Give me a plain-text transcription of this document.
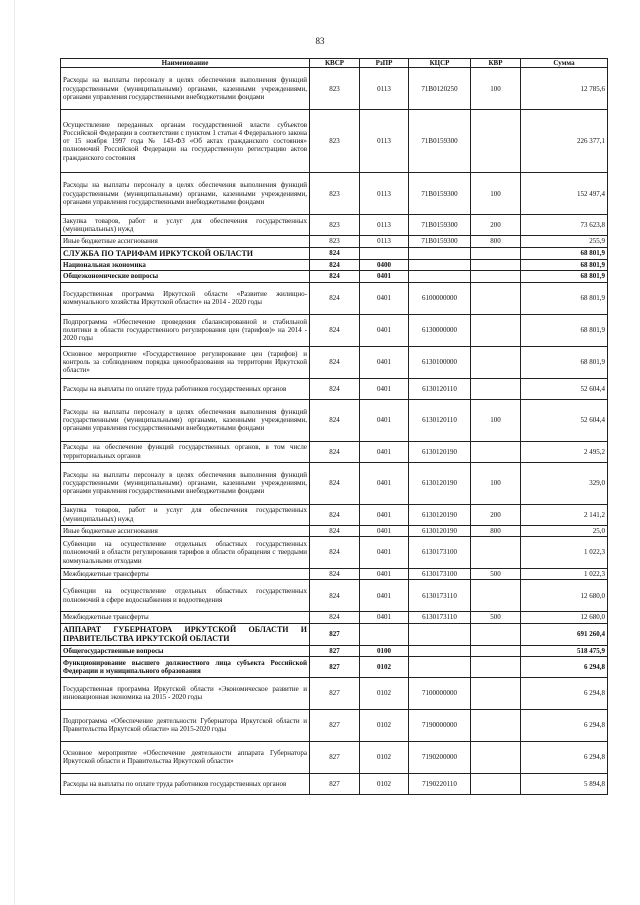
83
Наименование	КВСР	РзПР	КЦСР	КВР	Сумма
Расходы на выплаты персоналу в целях обеспечения выполнения функций государственными (муниципальными) органами, казенными учреждениями, органами управления государственными внебюджетными фондами	823	0113	71В0120250	100	12 785,6
Осуществление переданных органам государственной власти субъектов Российской Федерации в соответствии с пунктом 1 статьи 4 Федерального закона от 15 ноября 1997 года № 143-ФЗ «Об актах гражданского состояния» полномочий Российской Федерации на государственную регистрацию актов гражданского состояния	823	0113	71В0159300		226 377,1
Расходы на выплаты персоналу в целях обеспечения выполнения функций государственными (муниципальными) органами, казенными учреждениями, органами управления государственными внебюджетными фондами	823	0113	71В0159300	100	152 497,4
Закупка товаров, работ и услуг для обеспечения государственных (муниципальных) нужд	823	0113	71В0159300	200	73 623,8
Иные бюджетные ассигнования	823	0113	71В0159300	800	255,9
СЛУЖБА ПО ТАРИФАМ ИРКУТСКОЙ ОБЛАСТИ	824				68 801,9
Национальная экономика	824	0400			68 801,9
Общеэкономические вопросы	824	0401			68 801,9
Государственная программа Иркутской области «Развитие жилищно-коммунального хозяйства Иркутской области» на 2014 - 2020 годы	824	0401	6100000000		68 801,9
Подпрограмма «Обеспечение проведения сбалансированной и стабильной политики в области государственного регулирования цен (тарифов)» на 2014 - 2020 годы	824	0401	6130000000		68 801,9
Основное мероприятие «Государственное регулирование цен (тарифов) и контроль за соблюдением порядка ценообразования на территории Иркутской области»	824	0401	6130100000		68 801,9
Расходы на выплаты по оплате труда работников государственных органов	824	0401	6130120110		52 604,4
Расходы на выплаты персоналу в целях обеспечения выполнения функций государственными (муниципальными) органами, казенными учреждениями, органами управления государственными внебюджетными фондами	824	0401	6130120110	100	52 604,4
Расходы на обеспечение функций государственных органов, в том числе территориальных органов	824	0401	6130120190		2 495,2
Расходы на выплаты персоналу в целях обеспечения выполнения функций государственными (муниципальными) органами, казенными учреждениями, органами управления государственными внебюджетными фондами	824	0401	6130120190	100	329,0
Закупка товаров, работ и услуг для обеспечения государственных (муниципальных) нужд	824	0401	6130120190	200	2 141,2
Иные бюджетные ассигнования	824	0401	6130120190	800	25,0
Субвенции на осуществление отдельных областных государственных полномочий в области регулирования тарифов в области обращения с твердыми коммунальными отходами	824	0401	6130173100		1 022,3
Межбюджетные трансферты	824	0401	6130173100	500	1 022,3
Субвенции на осуществление отдельных областных государственных полномочий в сфере водоснабжения и водоотведения	824	0401	6130173110		12 680,0
Межбюджетные трансферты	824	0401	6130173110	500	12 680,0
АППАРАТ ГУБЕРНАТОРА ИРКУТСКОЙ ОБЛАСТИ И ПРАВИТЕЛЬСТВА ИРКУТСКОЙ ОБЛАСТИ	827				691 260,4
Общегосударственные вопросы	827	0100			518 475,9
Функционирование высшего должностного лица субъекта Российской Федерации и муниципального образования	827	0102			6 294,8
Государственная программа Иркутской области «Экономическое развитие и инновационная экономика на 2015 - 2020 годы	827	0102	7100000000		6 294,8
Подпрограмма «Обеспечение деятельности Губернатора Иркутской области и Правительства Иркутской области» на 2015-2020 годы	827	0102	7190000000		6 294,8
Основное мероприятие «Обеспечение деятельности аппарата Губернатора Иркутской области и Правительства Иркутской области»	827	0102	7190200000		6 294,8
Расходы на выплаты по оплате труда работников государственных органов	827	0102	7190220110		5 894,8
